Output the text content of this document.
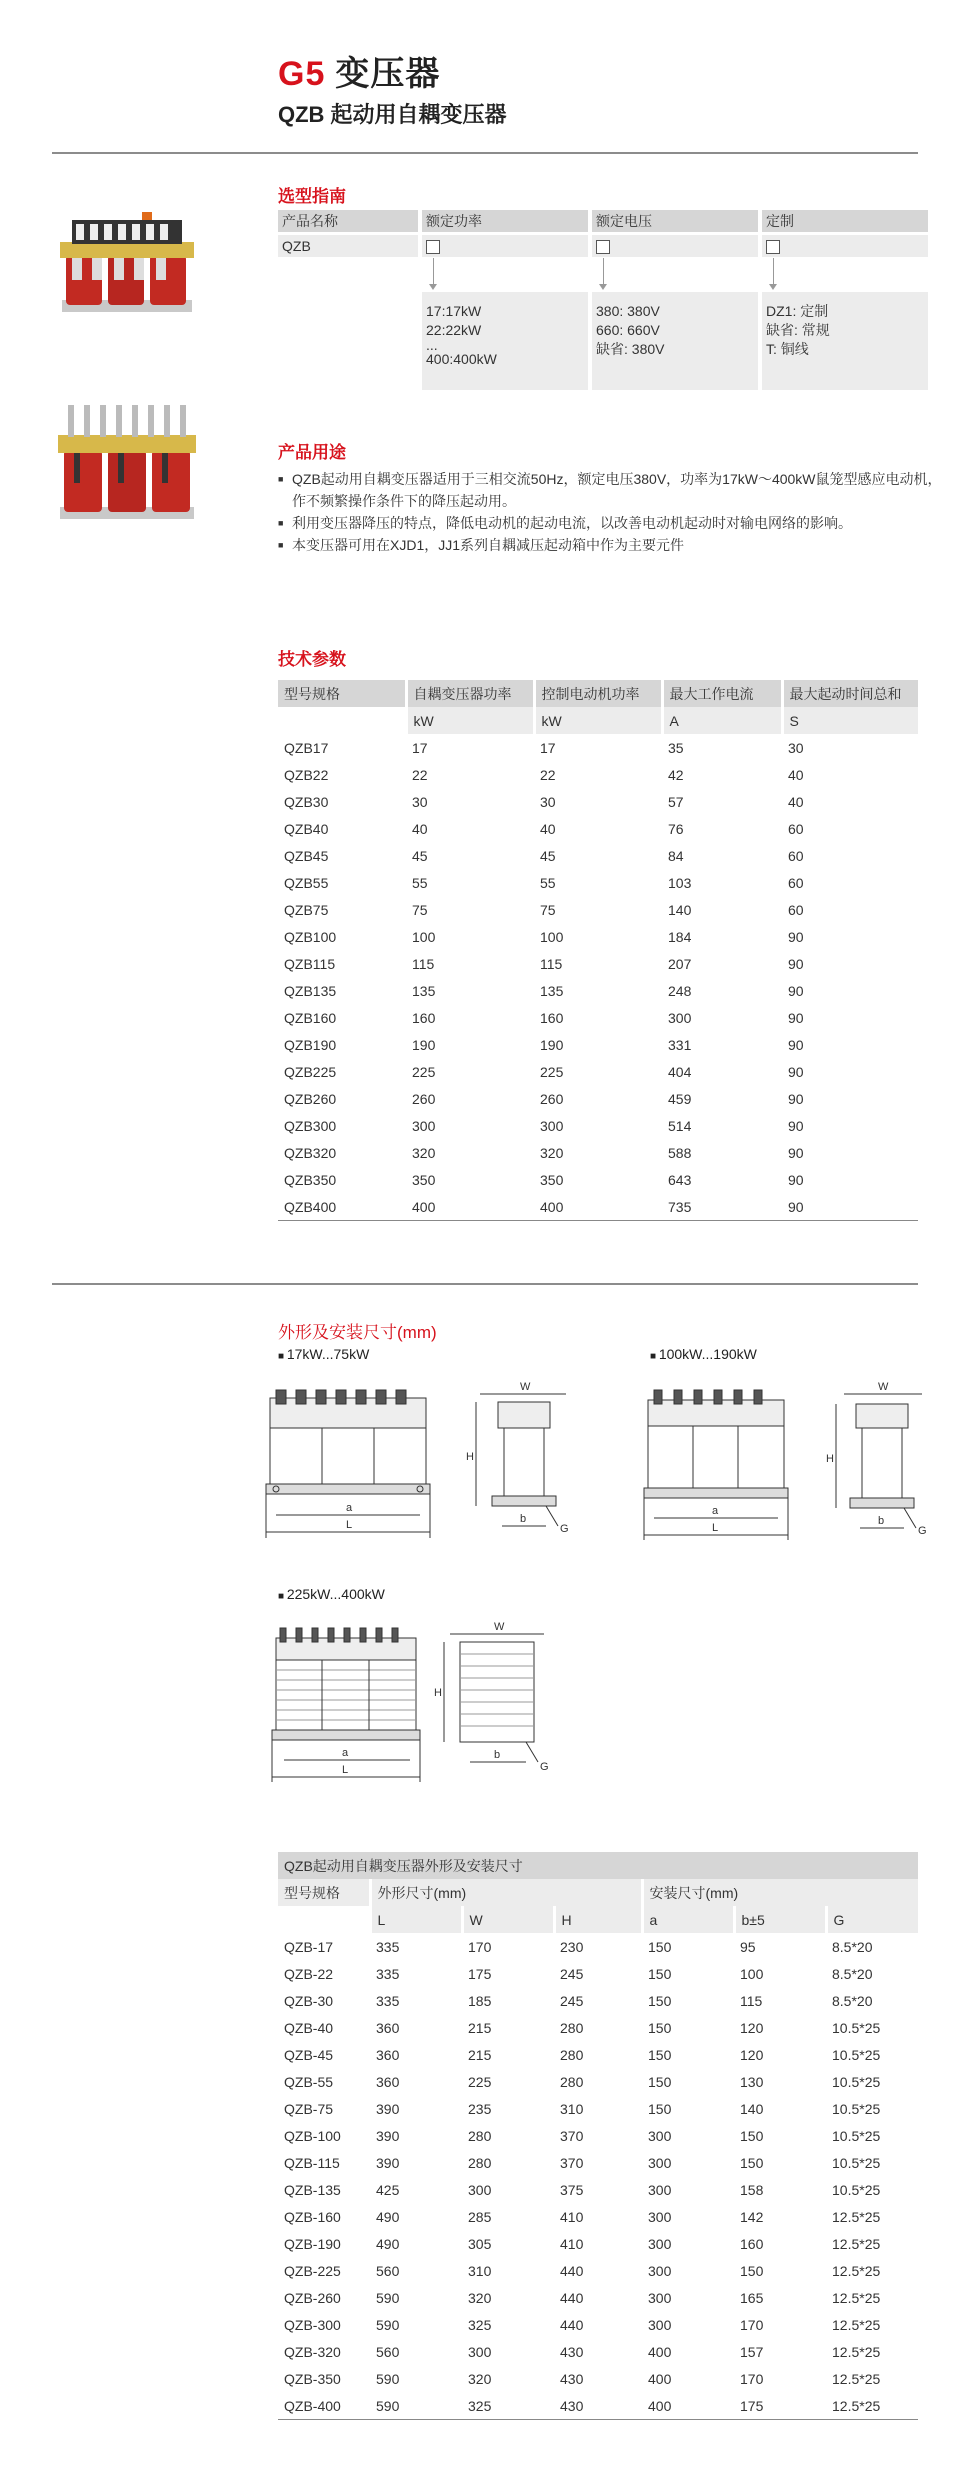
G5 变压器
QZB 起动用自耦变压器
选型指南
产品名称	额定功率	额定电压	定制
QZB
17:17kW
22:22kW
...
400:400kW
380: 380V
660: 660V
缺省: 380V
DZ1: 定制
缺省: 常规
T: 铜线
产品用途
■ QZB起动用自耦变压器适用于三相交流50Hz，额定电压380V，功率为17kW～400kW鼠笼型感应电动机，作不频繁操作条件下的降压起动用。
■ 利用变压器降压的特点，降低电动机的起动电流，以改善电动机起动时对输电网络的影响。
■ 本变压器可用在XJD1，JJ1系列自耦减压起动箱中作为主要元件
技术参数
型号规格	自耦变压器功率	控制电动机功率	最大工作电流	最大起动时间总和
	kW	kW	A	S
QZB17	17	17	35	30
QZB22	22	22	42	40
QZB30	30	30	57	40
QZB40	40	40	76	60
QZB45	45	45	84	60
QZB55	55	55	103	60
QZB75	75	75	140	60
QZB100	100	100	184	90
QZB115	115	115	207	90
QZB135	135	135	248	90
QZB160	160	160	300	90
QZB190	190	190	331	90
QZB225	225	225	404	90
QZB260	260	260	459	90
QZB300	300	300	514	90
QZB320	320	320	588	90
QZB350	350	350	643	90
QZB400	400	400	735	90
外形及安装尺寸(mm)
■ 17kW...75kW	■ 100kW...190kW
■ 225kW...400kW
a
L
W
H
b
G
a
L
W
H
b
G
a
L
W
H
b
G
QZB起动用自耦变压器外形及安装尺寸						
型号规格	外形尺寸(mm)			安装尺寸(mm)		
	L	W	H	a	b±5	G
QZB-17	335	170	230	150	95	8.5*20
QZB-22	335	175	245	150	100	8.5*20
QZB-30	335	185	245	150	115	8.5*20
QZB-40	360	215	280	150	120	10.5*25
QZB-45	360	215	280	150	120	10.5*25
QZB-55	360	225	280	150	130	10.5*25
QZB-75	390	235	310	150	140	10.5*25
QZB-100	390	280	370	300	150	10.5*25
QZB-115	390	280	370	300	150	10.5*25
QZB-135	425	300	375	300	158	10.5*25
QZB-160	490	285	410	300	142	12.5*25
QZB-190	490	305	410	300	160	12.5*25
QZB-225	560	310	440	300	150	12.5*25
QZB-260	590	320	440	300	165	12.5*25
QZB-300	590	325	440	300	170	12.5*25
QZB-320	560	300	430	400	157	12.5*25
QZB-350	590	320	430	400	170	12.5*25
QZB-400	590	325	430	400	175	12.5*25
